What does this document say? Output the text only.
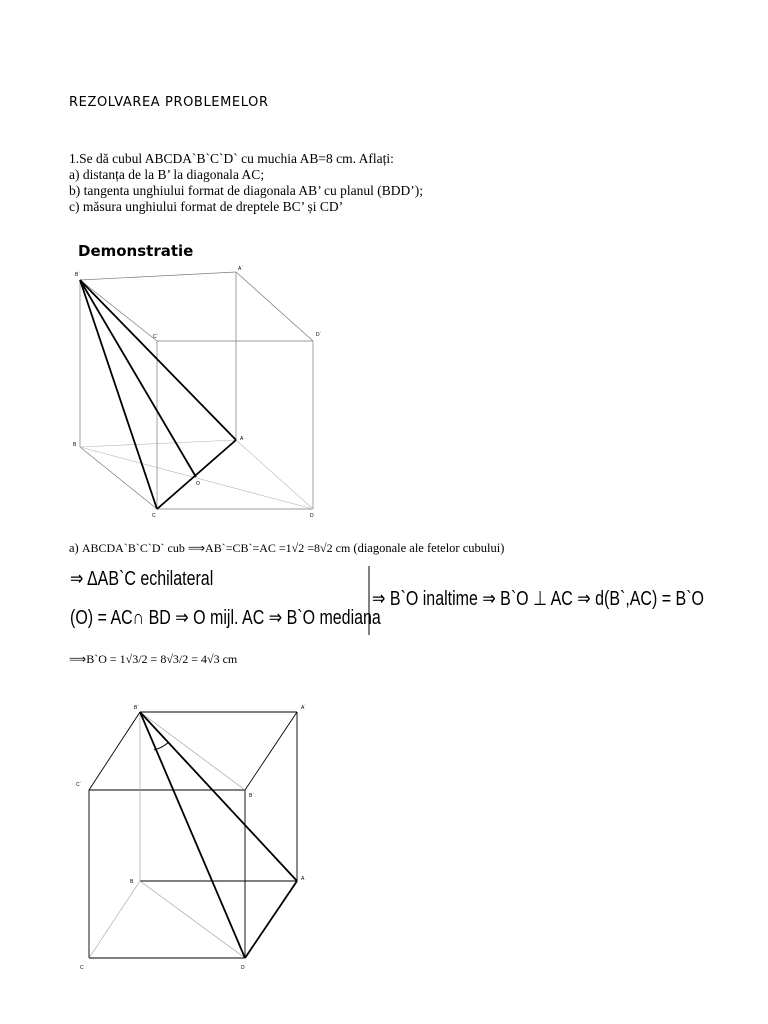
REZOLVAREA PROBLEMELOR
1.Se dă cubul ABCDA`B`C`D` cu muchia AB=8 cm. Aflați:
a) distanța de la B’ la diagonala AC;
b) tangenta unghiului format de diagonala AB’ cu planul (BDD’);
c) măsura unghiului format de dreptele BC’ și CD’
Demonstratie
B`
A`
C`	D`
B
A
O
C	D
B`	A`
C`
B`
B	A
C	D
a) ABCDA`B`C`D` cub ⟹AB`=CB`=AC =1√2 =8√2 cm (diagonale ale fetelor cubului)
⇒ ΔAB`C echilateral
(O) = AC∩ BD ⇒ O mijl. AC ⇒ B`O mediana
⇒ B`O inaltime ⇒ B`O ⊥ AC ⇒ d(B`,AC) = B`O
⟹B`O = 1√3/2 = 8√3/2 = 4√3 cm
